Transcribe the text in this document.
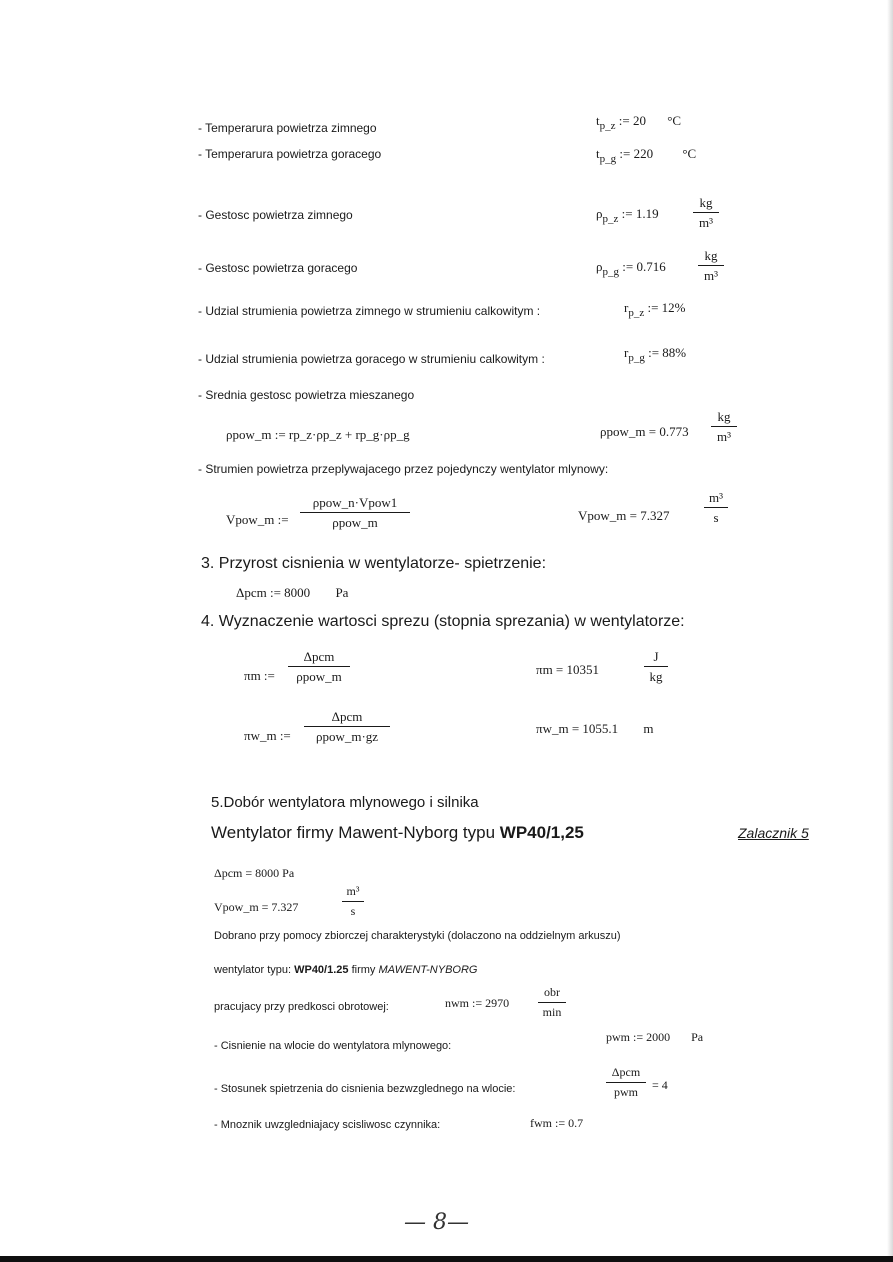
- Temperarura powietrza zimnego	$t_{p\_z}$ := 20 °C
- Temperarura powietrza goracego	$t_{p\_g}$ := 220 °C
- Gestosc powietrza zimnego	$\rho_{p\_z}$ := 1.19
kg
m³
- Gestosc powietrza goracego	$\rho_{p\_g}$ := 0.716
kg
m³
- Udzial strumienia powietrza zimnego w strumieniu calkowitym :	$r_{p\_z}$ := 12%
- Udzial strumienia powietrza goracego w strumieniu calkowitym :	$r_{p\_g}$ := 88%
- Srednia gestosc powietrza mieszanego
ρpow_m := rp_z·ρp_z + rp_g·ρp_g	ρpow_m = 0.773
kg
m³
- Strumien powietrza przeplywajacego przez pojedynczy wentylator mlynowy:
Vpow_m :=
ρpow_n·Vpow1
ρpow_m	Vpow_m = 7.327
m³
s
3. Przyrost cisnienia w wentylatorze- spietrzenie:
Δpcm := 8000 Pa
4. Wyznaczenie wartosci sprezu (stopnia sprezania) w wentylatorze:
πm :=
Δpcm
ρpow_m	πm = 10351
J
kg
πw_m :=
Δpcm
ρpow_m·gz
πw_m = 1055.1 m
5.Dobór wentylatora mlynowego i silnika
Wentylator firmy Mawent-Nyborg typu WP40/1,25	Zalacznik 5
Δpcm = 8000 Pa
Vpow_m = 7.327
m³
s
Dobrano przy pomocy zbiorczej charakterystyki (dolaczono na oddzielnym arkuszu)
wentylator typu: WP40/1.25 firmy MAWENT-NYBORG
pracujacy przy predkosci obrotowej:	nwm := 2970
obr
min
- Cisnienie na wlocie do wentylatora mlynowego:
pwm := 2000 Pa
- Stosunek spietrzenia do cisnienia bezwzglednego na wlocie:
Δpcm
pwm	= 4
- Mnoznik uwzgledniajacy scisliwosc czynnika:	fwm := 0.7
— 8—
